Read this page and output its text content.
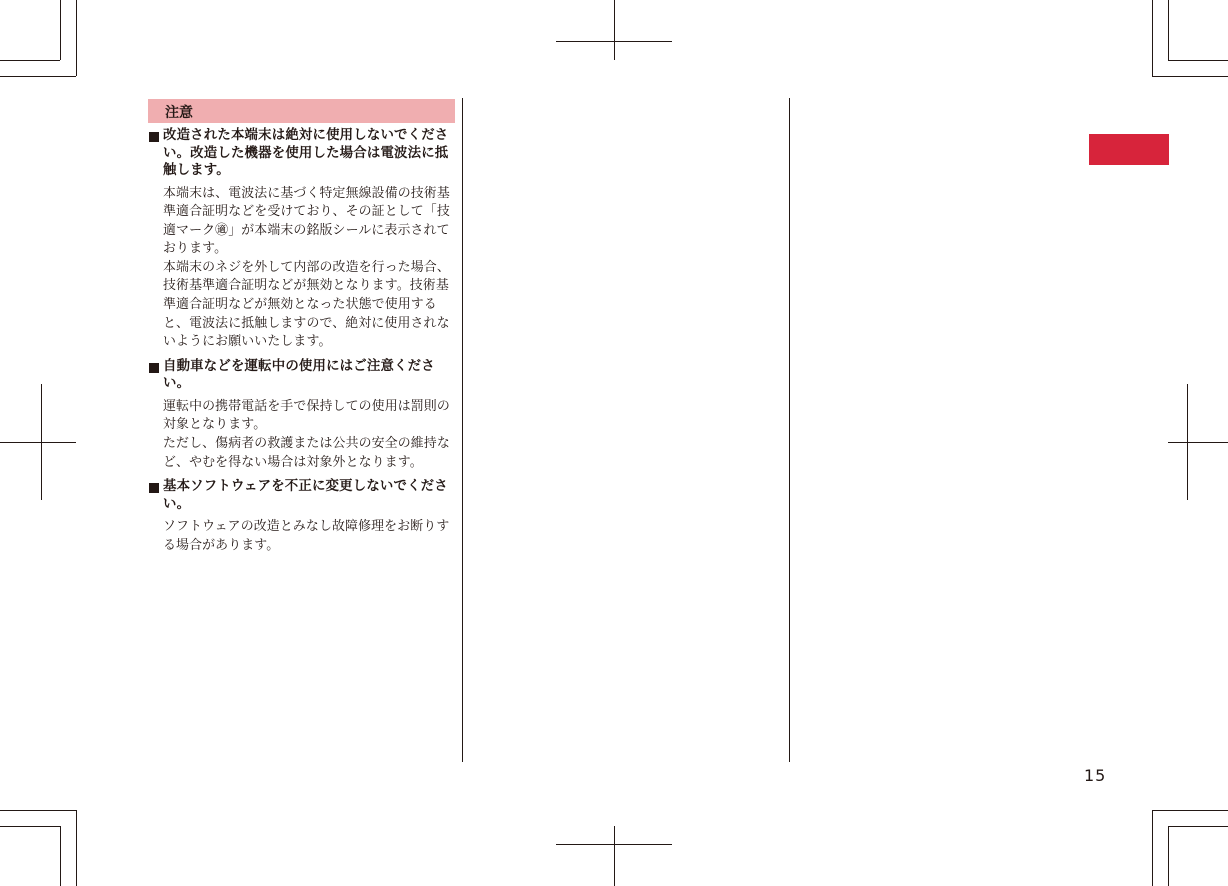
注意
改造された本端末は絶対に使用しないでください。改造した機器を使用した場合は電波法に抵触します。

本端末は、電波法に基づく特定無線設備の技術基準適合証明などを受けており、その証として「技適マーク㊜」が本端末の銘版シールに表示されております。

本端末のネジを外して内部の改造を行った場合、技術基準適合証明などが無効となります。技術基準適合証明などが無効となった状態で使用すると、電波法に抵触しますので、絶対に使用されないようにお願いいたします。

自動車などを運転中の使用にはご注意ください。

運転中の携帯電話を手で保持しての使用は罰則の対象となります。

ただし、傷病者の救護または公共の安全の維持など、やむを得ない場合は対象外となります。

基本ソフトウェアを不正に変更しないでください。

ソフトウェアの改造とみなし故障修理をお断りする場合があります。

15
